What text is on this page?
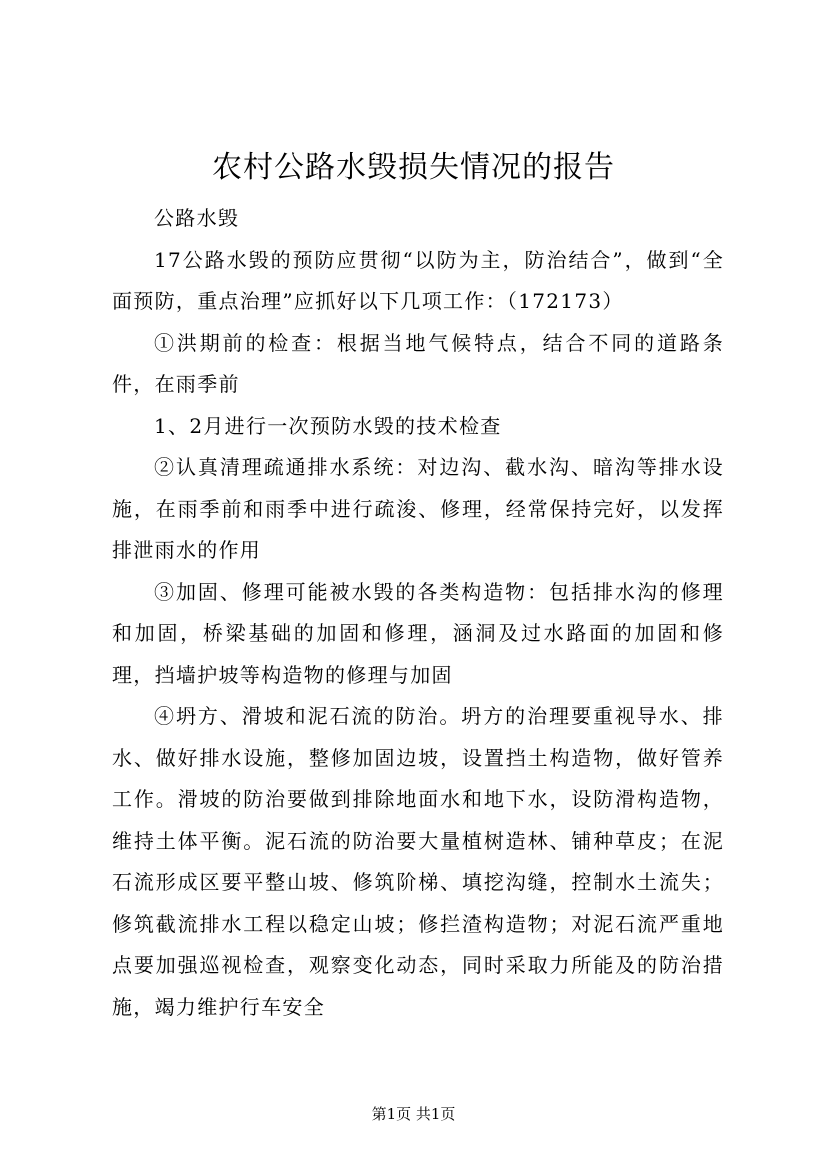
农村公路水毁损失情况的报告

公路水毁

17公路水毁的预防应贯彻“以防为主，防治结合”，做到“全面预防，重点治理”应抓好以下几项工作：（172173）

①洪期前的检查：根据当地气候特点，结合不同的道路条件，在雨季前

1、2月进行一次预防水毁的技术检查

②认真清理疏通排水系统：对边沟、截水沟、暗沟等排水设施，在雨季前和雨季中进行疏浚、修理，经常保持完好，以发挥排泄雨水的作用

③加固、修理可能被水毁的各类构造物：包括排水沟的修理和加固，桥梁基础的加固和修理，涵洞及过水路面的加固和修理，挡墙护坡等构造物的修理与加固

④坍方、滑坡和泥石流的防治。坍方的治理要重视导水、排水、做好排水设施，整修加固边坡，设置挡土构造物，做好管养工作。滑坡的防治要做到排除地面水和地下水，设防滑构造物，维持土体平衡。泥石流的防治要大量植树造林、铺种草皮；在泥石流形成区要平整山坡、修筑阶梯、填挖沟缝，控制水土流失；修筑截流排水工程以稳定山坡；修拦渣构造物；对泥石流严重地点要加强巡视检查，观察变化动态，同时采取力所能及的防治措施，竭力维护行车安全

第1页 共1页
